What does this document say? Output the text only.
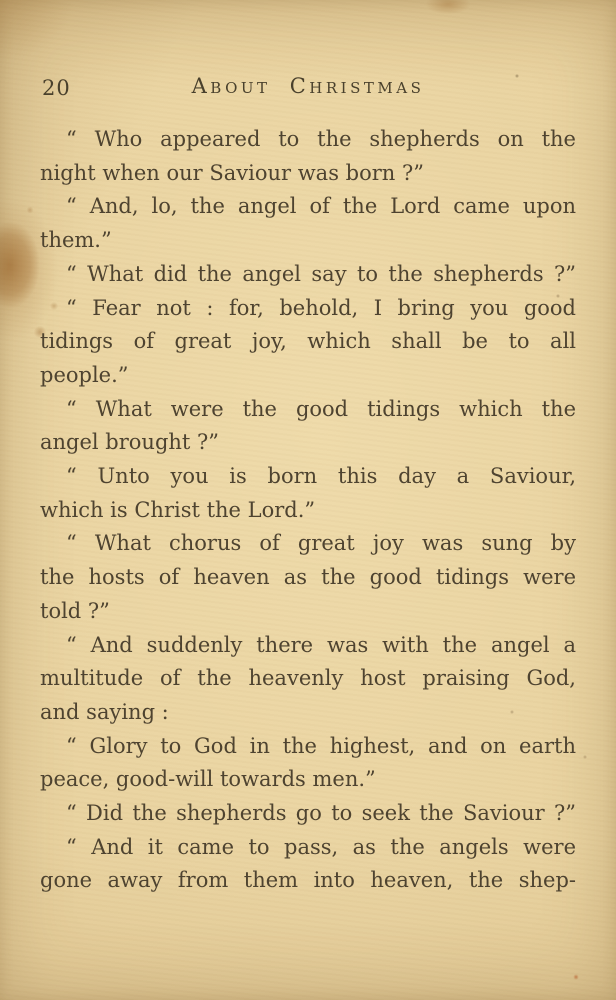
20	About Christmas

“ Who appeared to the shepherds on the
night when our Saviour was born ?”

“ And, lo, the angel of the Lord came upon
them.”

“ What did the angel say to the shepherds ?”

“ Fear not : for, behold, I bring you good
tidings of great joy, which shall be to all
people.”

“ What were the good tidings which the
angel brought ?”

“ Unto you is born this day a Saviour,
which is Christ the Lord.”

“ What chorus of great joy was sung by
the hosts of heaven as the good tidings were
told ?”

“ And suddenly there was with the angel a
multitude of the heavenly host praising God,
and saying :

“ Glory to God in the highest, and on earth
peace, good-will towards men.”

“ Did the shepherds go to seek the Saviour ?”

“ And it came to pass, as the angels were
gone away from them into heaven, the shep-
